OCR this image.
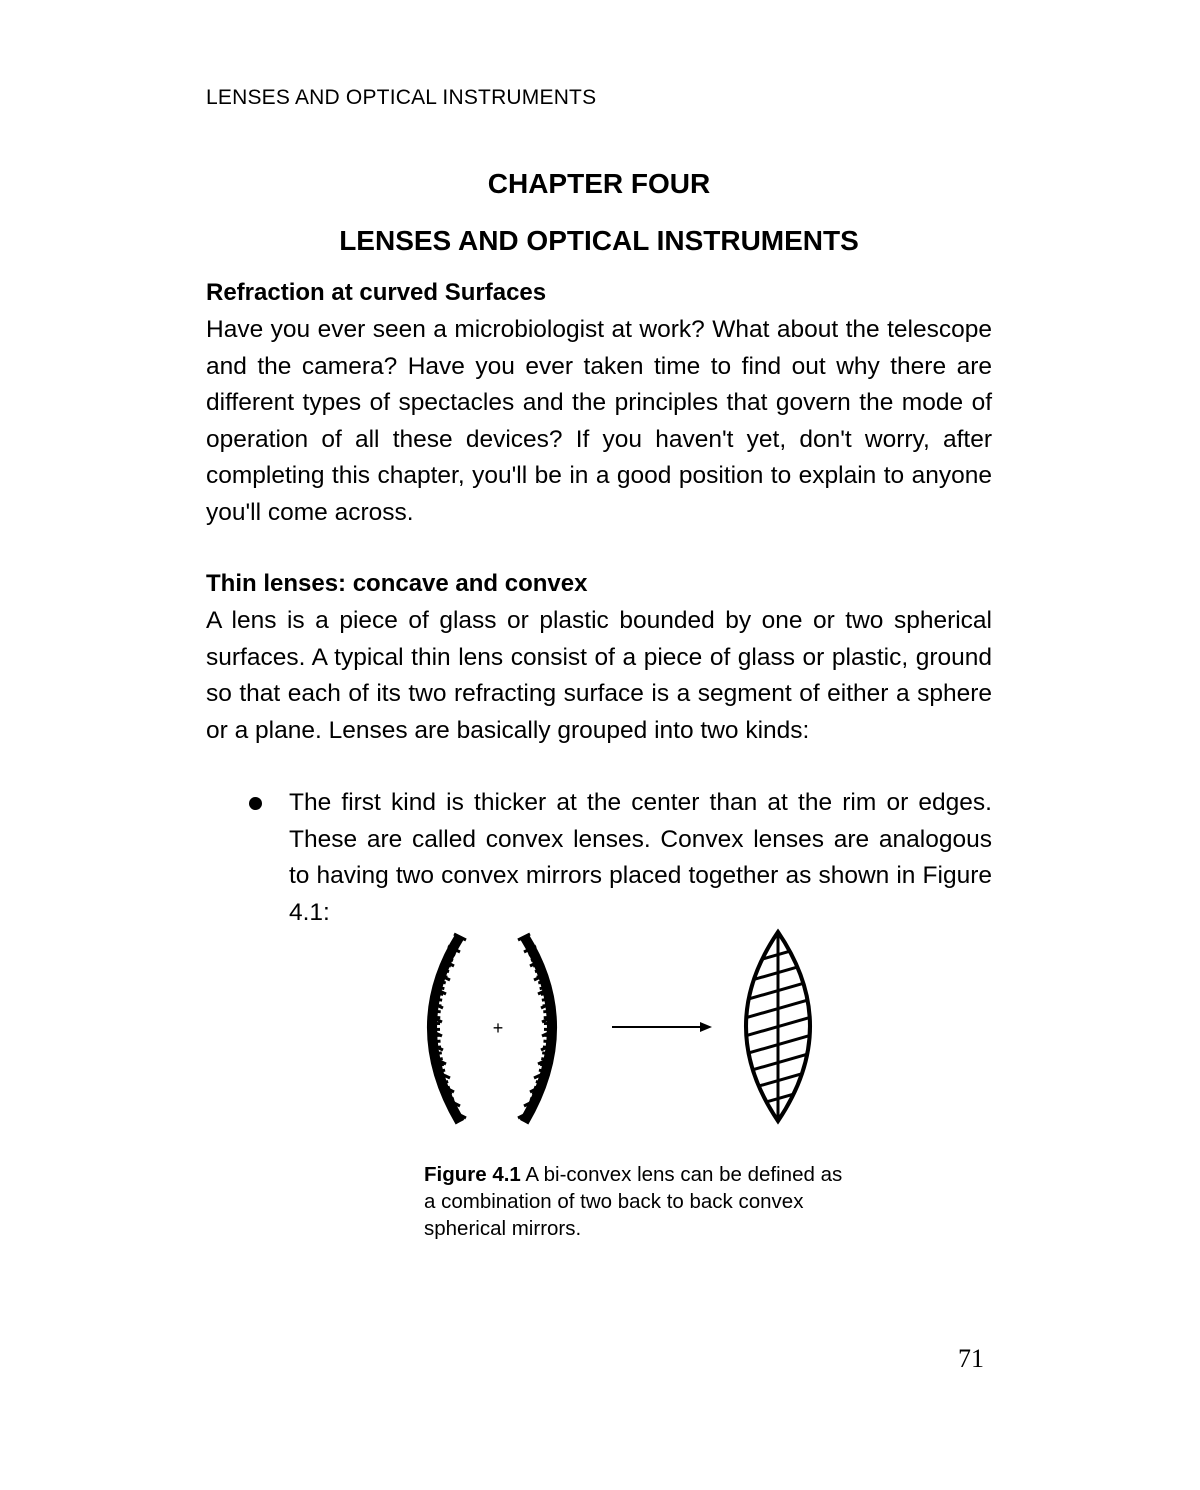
LENSES AND OPTICAL INSTRUMENTS
CHAPTER FOUR
LENSES AND OPTICAL INSTRUMENTS
Refraction at curved Surfaces

Have you ever seen a microbiologist at work? What about the telescope and the camera? Have you ever taken time to find out why there are different types of spectacles and the principles that govern the mode of operation of all these devices? If you haven't yet, don't worry, after completing this chapter, you'll be in a good position to explain to anyone you'll come across.

Thin lenses: concave and convex

A lens is a piece of glass or plastic bounded by one or two spherical surfaces. A typical thin lens consist of a piece of glass or plastic, ground so that each of its two refracting surface is a segment of either a sphere or a plane. Lenses are basically grouped into two kinds:

The first kind is thicker at the center than at the rim or edges. These are called convex lenses. Convex lenses are analogous to having two convex mirrors placed together as shown in Figure 4.1:

+

Figure 4.1 A bi-convex lens can be defined as a combination of two back to back convex spherical mirrors.

71
